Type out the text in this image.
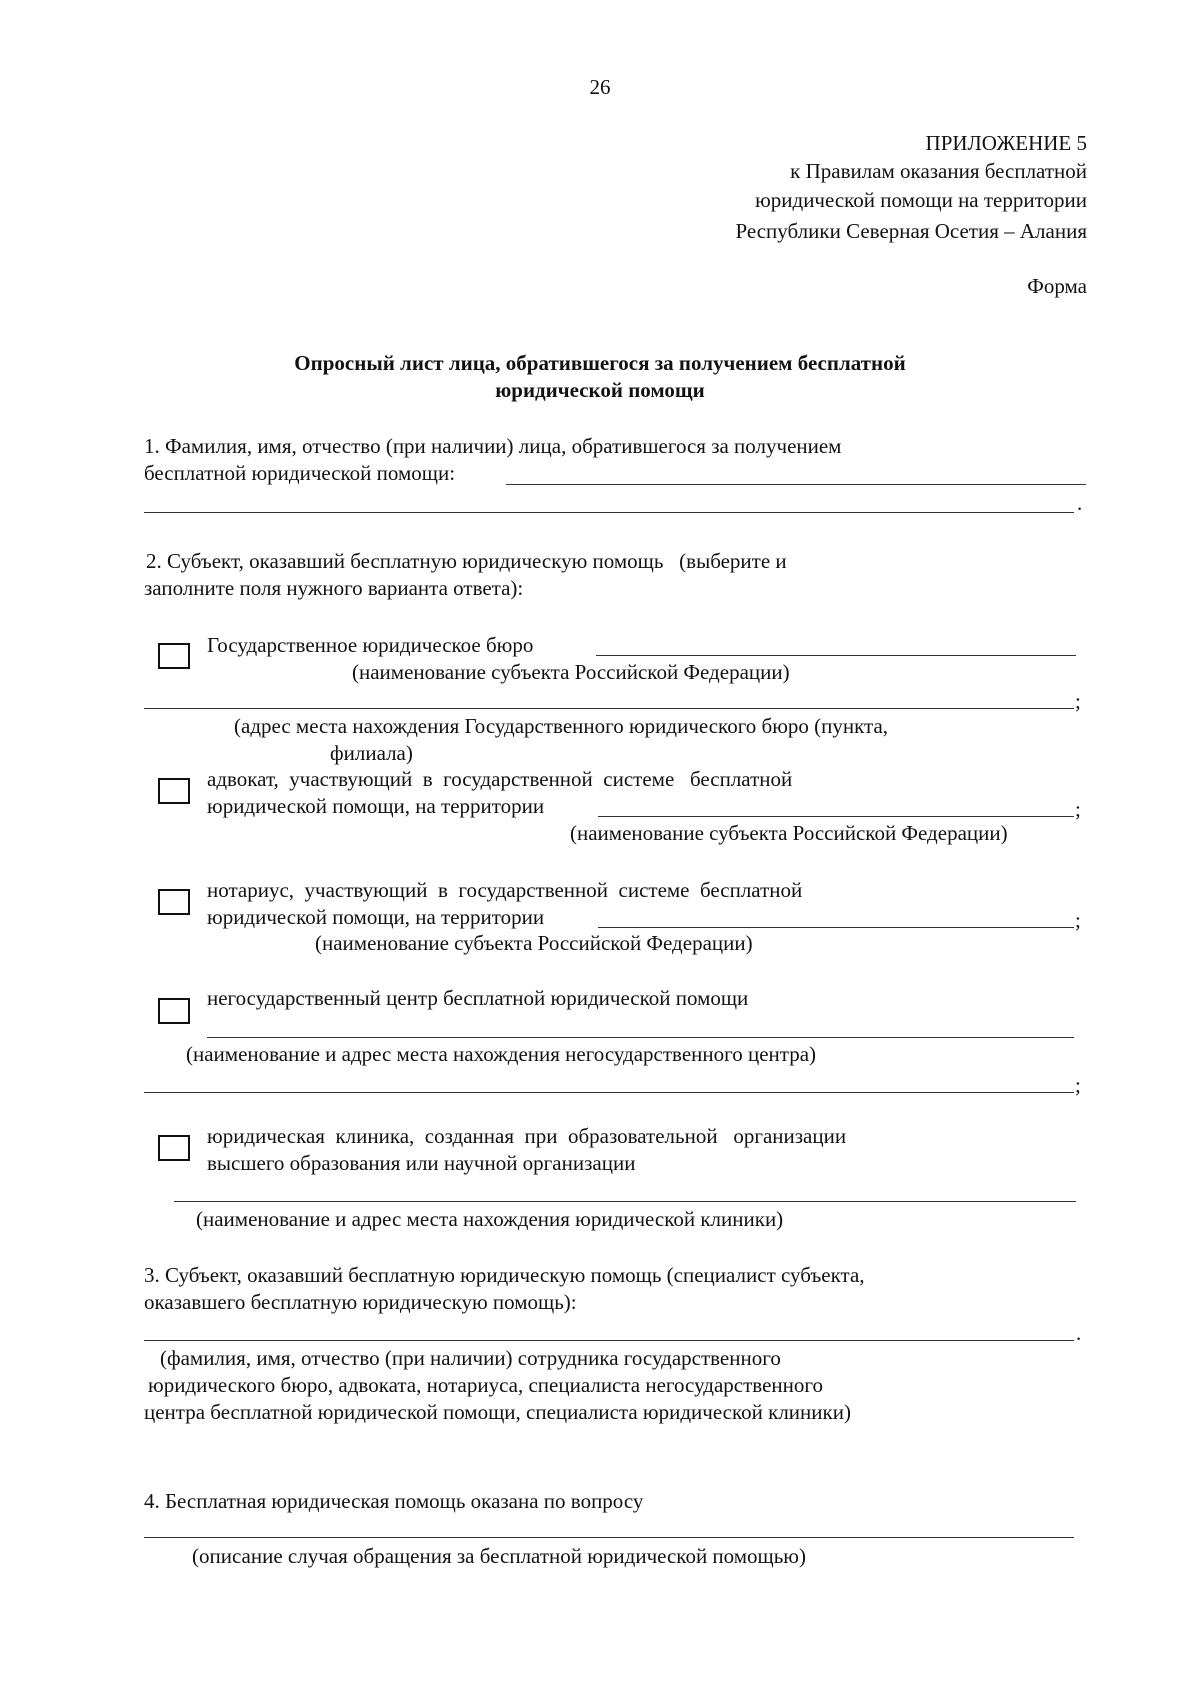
26
ПРИЛОЖЕНИЕ 5
к Правилам оказания бесплатной
юридической помощи на территории
Республики Северная Осетия – Алания
Форма
Опросный лист лица, обратившегося за получением бесплатной
юридической помощи
1. Фамилия, имя, отчество (при наличии) лица, обратившегося за получением
бесплатной юридической помощи:
.
2. Субъект, оказавший бесплатную юридическую помощь   (выберите и
заполните поля нужного варианта ответа):
Государственное юридическое бюро
(наименование субъекта Российской Федерации)
;
(адрес места нахождения Государственного юридического бюро (пункта,
филиала)
адвокат,  участвующий  в  государственной  системе   бесплатной
юридической помощи, на территории	;
(наименование субъекта Российской Федерации)
нотариус,  участвующий  в  государственной  системе  бесплатной
юридической помощи, на территории	;
(наименование субъекта Российской Федерации)
негосударственный центр бесплатной юридической помощи
(наименование и адрес места нахождения негосударственного центра)
;
юридическая  клиника,  созданная  при  образовательной   организации
высшего образования или научной организации
(наименование и адрес места нахождения юридической клиники)
3. Субъект, оказавший бесплатную юридическую помощь (специалист субъекта,
оказавшего бесплатную юридическую помощь):
.
(фамилия, имя, отчество (при наличии) сотрудника государственного
юридического бюро, адвоката, нотариуса, специалиста негосударственного
центра бесплатной юридической помощи, специалиста юридической клиники)
4. Бесплатная юридическая помощь оказана по вопросу
(описание случая обращения за бесплатной юридической помощью)
